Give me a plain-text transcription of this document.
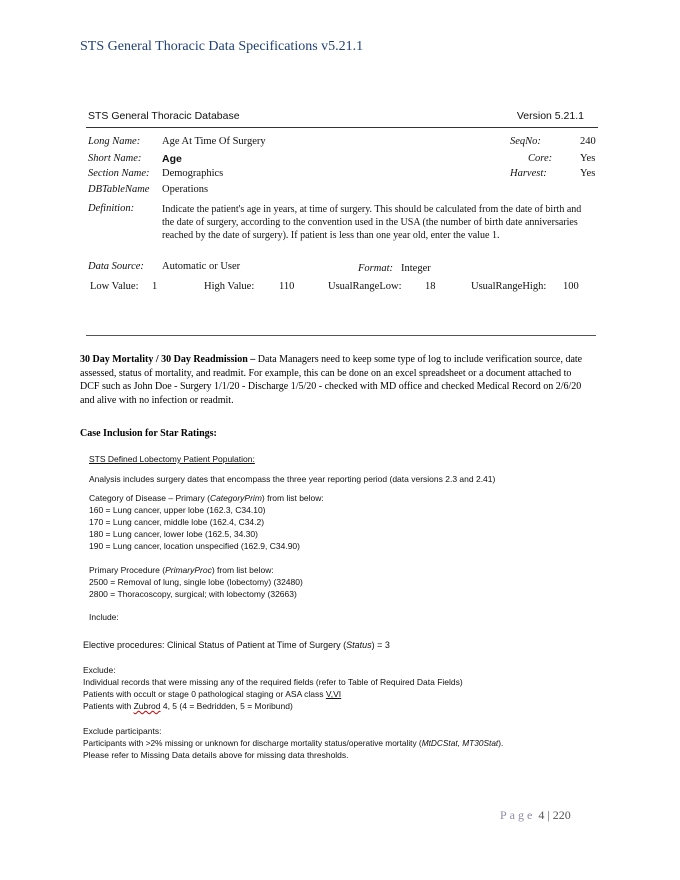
STS General Thoracic Data Specifications v5.21.1
STS General Thoracic Database	Version 5.21.1
Long Name: Age At Time Of Surgery	SeqNo:	240
Short Name: Age	Core:	Yes
Section Name: Demographics	Harvest:	Yes
DBTableName Operations
Definition:	Indicate the patient's age in years, at time of surgery. This should be calculated from the date of birth and the date of surgery, according to the convention used in the USA (the number of birth date anniversaries reached by the date of surgery). If patient is less than one year old, enter the value 1.
Data Source: Automatic or User	Format: Integer
Low Value: 1	High Value: 110	UsualRangeLow: 18	UsualRangeHigh: 100
30 Day Mortality / 30 Day Readmission – Data Managers need to keep some type of log to include verification source, date assessed, status of mortality, and readmit. For example, this can be done on an excel spreadsheet or a document attached to DCF such as John Doe - Surgery 1/1/20 - Discharge 1/5/20 - checked with MD office and checked Medical Record on 2/6/20 and alive with no infection or readmit.
Case Inclusion for Star Ratings:
STS Defined Lobectomy Patient Population:
Analysis includes surgery dates that encompass the three year reporting period (data versions 2.3 and 2.41)
Category of Disease – Primary (CategoryPrim) from list below:
160 = Lung cancer, upper lobe (162.3, C34.10)
170 = Lung cancer, middle lobe (162.4, C34.2)
180 = Lung cancer, lower lobe (162.5, 34.30)
190 = Lung cancer, location unspecified (162.9, C34.90)
Primary Procedure (PrimaryProc) from list below:
2500 = Removal of lung, single lobe (lobectomy) (32480)
2800 = Thoracoscopy, surgical; with lobectomy (32663)
Include:
Elective procedures: Clinical Status of Patient at Time of Surgery (Status) = 3
Exclude:
Individual records that were missing any of the required fields (refer to Table of Required Data Fields)
Patients with occult or stage 0 pathological staging or ASA class V,VI
Patients with Zubrod 4, 5 (4 = Bedridden, 5 = Moribund)
Exclude participants:
Participants with >2% missing or unknown for discharge mortality status/operative mortality (MtDCStat, MT30Stat).
Please refer to Missing Data details above for missing data thresholds.
Page 4 | 220
